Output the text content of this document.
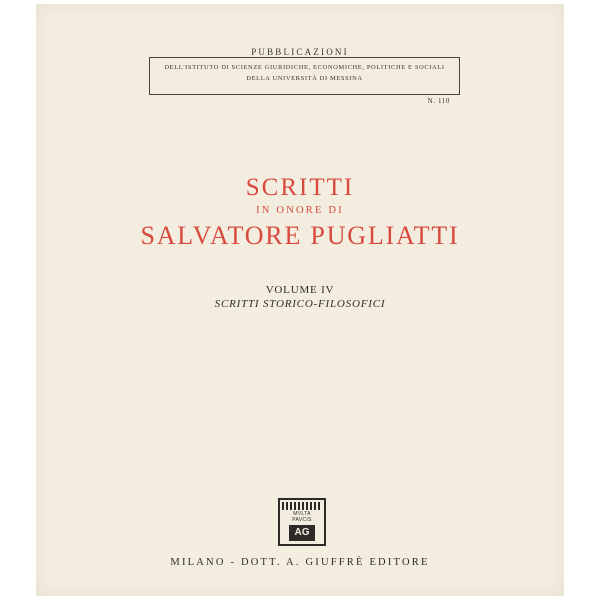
PUBBLICAZIONI
DELL'ISTITUTO DI SCIENZE GIURIDICHE, ECONOMICHE, POLITICHE E SOCIALI
DELLA UNIVERSITÀ DI MESSINA
N. 110
SCRITTI
IN ONORE DI
SALVATORE PUGLIATTI
VOLUME IV
SCRITTI STORICO-FILOSOFICI
MVLTA
PAVCIS
AG
MILANO - DOTT. A. GIUFFRÈ EDITORE
